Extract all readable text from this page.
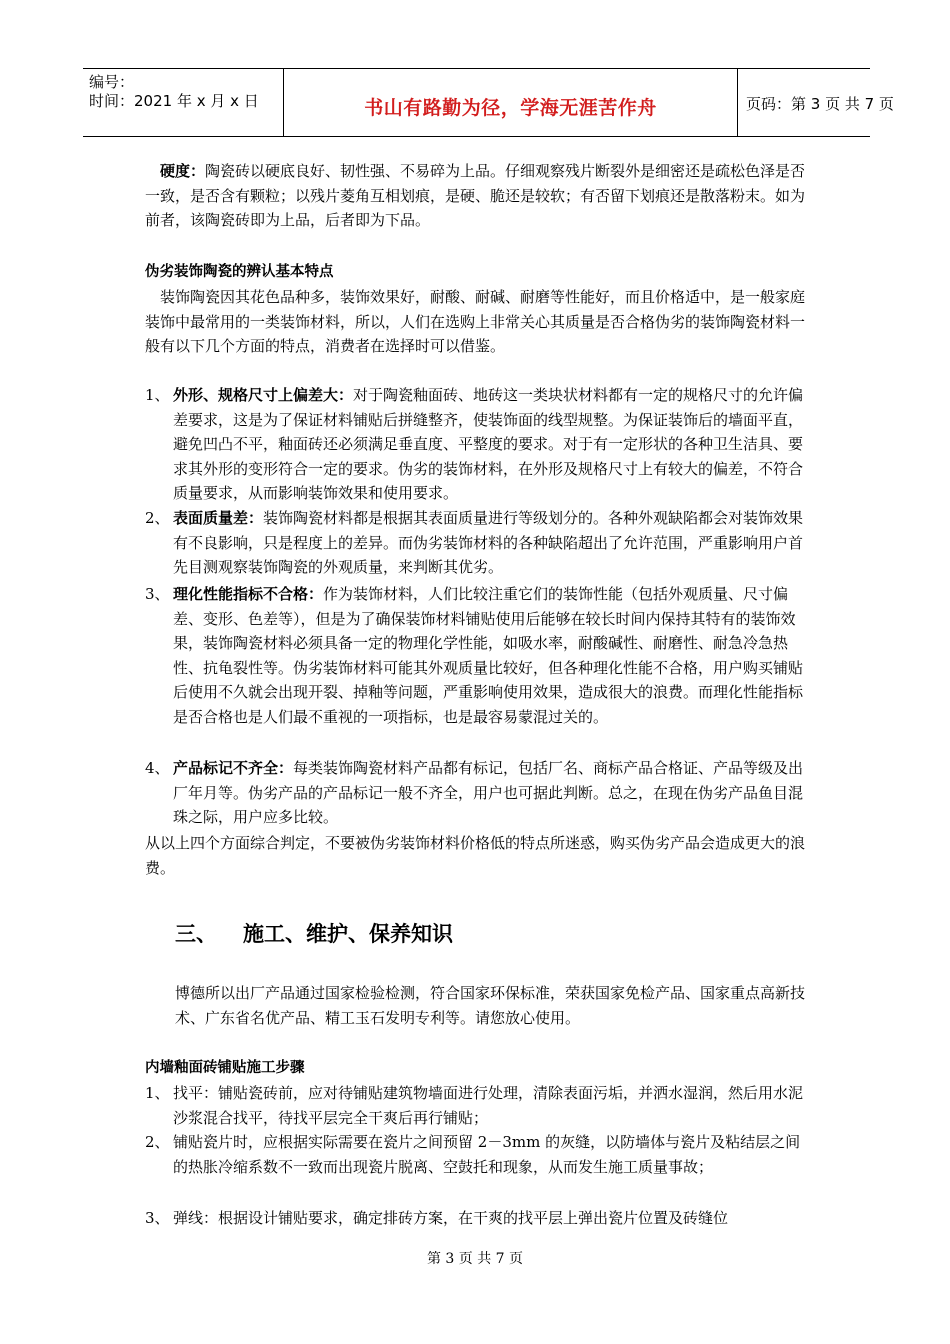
编号：
时间：2021 年 x 月 x 日	书山有路勤为径，学海无涯苦作舟	页码：第 3 页 共 7 页
硬度：陶瓷砖以硬底良好、韧性强、不易碎为上品。仔细观察残片断裂外是细密还是疏松色泽是否一致，是否含有颗粒；以残片菱角互相划痕，是硬、脆还是较软；有否留下划痕还是散落粉末。如为前者，该陶瓷砖即为上品，后者即为下品。
伪劣装饰陶瓷的辨认基本特点
装饰陶瓷因其花色品种多，装饰效果好，耐酸、耐碱、耐磨等性能好，而且价格适中，是一般家庭装饰中最常用的一类装饰材料，所以，人们在选购上非常关心其质量是否合格伪劣的装饰陶瓷材料一般有以下几个方面的特点，消费者在选择时可以借鉴。
1、 外形、规格尺寸上偏差大：对于陶瓷釉面砖、地砖这一类块状材料都有一定的规格尺寸的允许偏差要求，这是为了保证材料铺贴后拼缝整齐，使装饰面的线型规整。为保证装饰后的墙面平直，避免凹凸不平，釉面砖还必须满足垂直度、平整度的要求。对于有一定形状的各种卫生洁具、要求其外形的变形符合一定的要求。伪劣的装饰材料，在外形及规格尺寸上有较大的偏差，不符合质量要求，从而影响装饰效果和使用要求。
2、 表面质量差：装饰陶瓷材料都是根据其表面质量进行等级划分的。各种外观缺陷都会对装饰效果有不良影响，只是程度上的差异。而伪劣装饰材料的各种缺陷超出了允许范围，严重影响用户首先目测观察装饰陶瓷的外观质量，来判断其优劣。
3、 理化性能指标不合格：作为装饰材料，人们比较注重它们的装饰性能（包括外观质量、尺寸偏差、变形、色差等），但是为了确保装饰材料铺贴使用后能够在较长时间内保持其特有的装饰效果，装饰陶瓷材料必须具备一定的物理化学性能，如吸水率，耐酸碱性、耐磨性、耐急冷急热性、抗龟裂性等。伪劣装饰材料可能其外观质量比较好，但各种理化性能不合格，用户购买铺贴后使用不久就会出现开裂、掉釉等问题，严重影响使用效果，造成很大的浪费。而理化性能指标是否合格也是人们最不重视的一项指标，也是最容易蒙混过关的。
4、 产品标记不齐全：每类装饰陶瓷材料产品都有标记，包括厂名、商标产品合格证、产品等级及出厂年月等。伪劣产品的产品标记一般不齐全，用户也可据此判断。总之，在现在伪劣产品鱼目混珠之际，用户应多比较。
从以上四个方面综合判定，不要被伪劣装饰材料价格低的特点所迷惑，购买伪劣产品会造成更大的浪费。
三、 施工、维护、保养知识
博德所以出厂产品通过国家检验检测，符合国家环保标准，荣获国家免检产品、国家重点高新技术、广东省名优产品、精工玉石发明专利等。请您放心使用。
内墙釉面砖铺贴施工步骤
1、 找平：铺贴瓷砖前，应对待铺贴建筑物墙面进行处理，清除表面污垢，并洒水湿润，然后用水泥沙浆混合找平，待找平层完全干爽后再行铺贴；
2、 铺贴瓷片时，应根据实际需要在瓷片之间预留 2－3mm 的灰缝，以防墙体与瓷片及粘结层之间的热胀冷缩系数不一致而出现瓷片脱离、空鼓托和现象，从而发生施工质量事故；
3、 弹线：根据设计铺贴要求，确定排砖方案，在干爽的找平层上弹出瓷片位置及砖缝位
第 3 页 共 7 页
